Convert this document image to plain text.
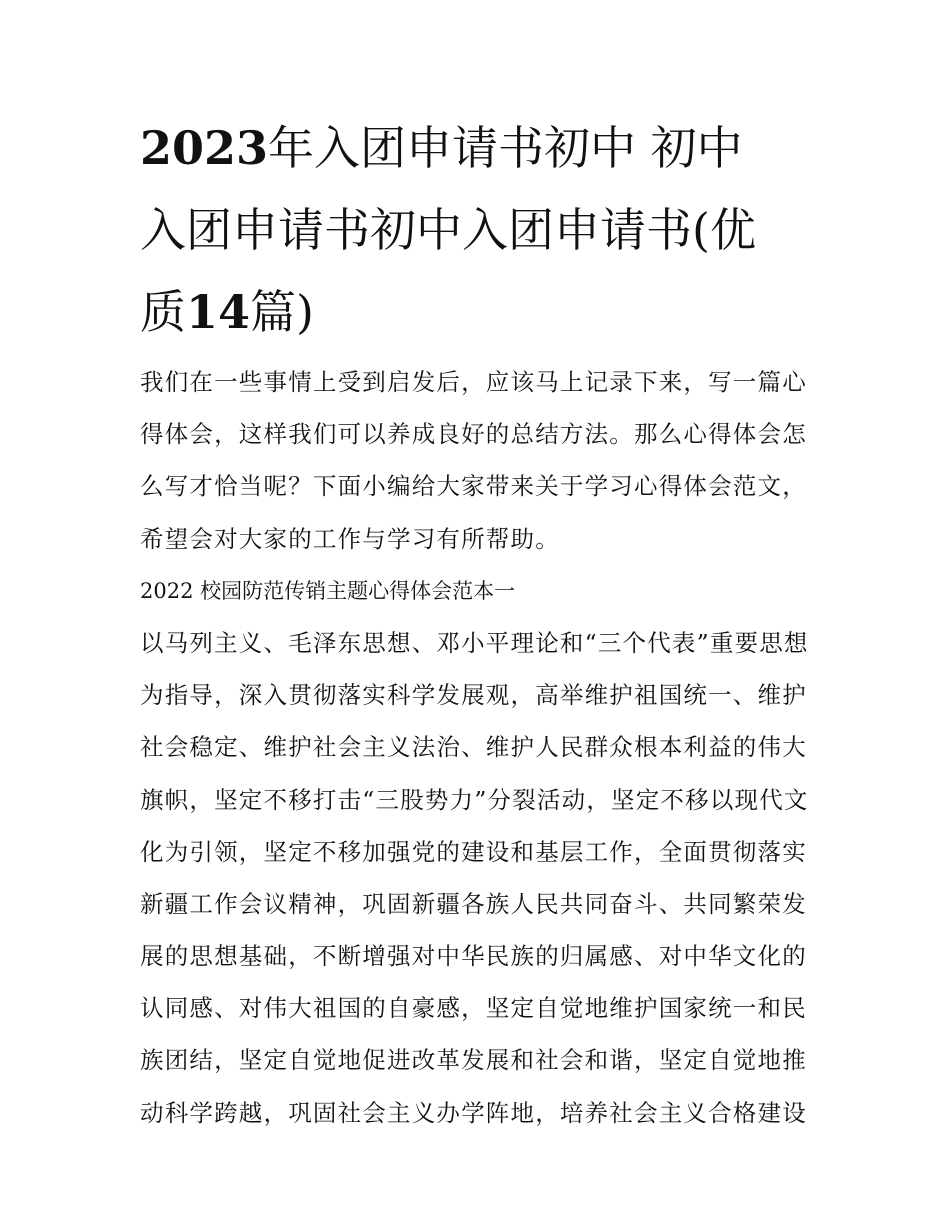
2023年入团申请书初中 初中
入团申请书初中入团申请书(优
质14篇)
我们在一些事情上受到启发后，应该马上记录下来，写一篇心
得体会，这样我们可以养成良好的总结方法。那么心得体会怎
么写才恰当呢？下面小编给大家带来关于学习心得体会范文，
希望会对大家的工作与学习有所帮助。
2022 校园防范传销主题心得体会范本一
以马列主义、毛泽东思想、邓小平理论和“三个代表”重要思想
为指导，深入贯彻落实科学发展观，高举维护祖国统一、维护
社会稳定、维护社会主义法治、维护人民群众根本利益的伟大
旗帜，坚定不移打击“三股势力”分裂活动，坚定不移以现代文
化为引领，坚定不移加强党的建设和基层工作，全面贯彻落实
新疆工作会议精神，巩固新疆各族人民共同奋斗、共同繁荣发
展的思想基础，不断增强对中华民族的归属感、对中华文化的
认同感、对伟大祖国的自豪感，坚定自觉地维护国家统一和民
族团结，坚定自觉地促进改革发展和社会和谐，坚定自觉地推
动科学跨越，巩固社会主义办学阵地，培养社会主义合格建设
